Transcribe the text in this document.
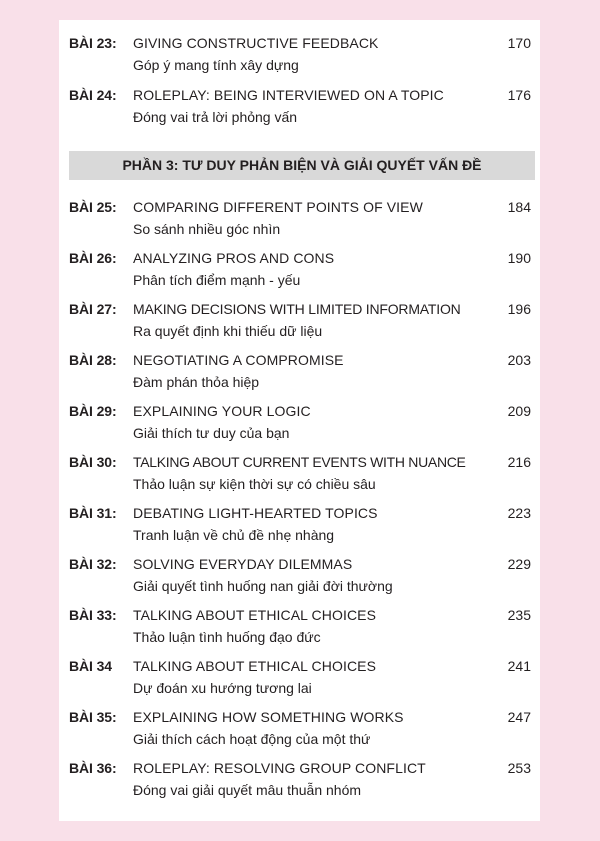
BÀI 23: GIVING CONSTRUCTIVE FEEDBACK	170
Góp ý mang tính xây dựng
BÀI 24: ROLEPLAY: BEING INTERVIEWED ON A TOPIC	176
Đóng vai trả lời phỏng vấn
PHẦN 3: TƯ DUY PHẢN BIỆN VÀ GIẢI QUYẾT VẤN ĐỀ
BÀI 25: COMPARING DIFFERENT POINTS OF VIEW	184
So sánh nhiều góc nhìn
BÀI 26: ANALYZING PROS AND CONS	190
Phân tích điểm mạnh - yếu
BÀI 27: MAKING DECISIONS WITH LIMITED INFORMATION	196
Ra quyết định khi thiếu dữ liệu
BÀI 28: NEGOTIATING A COMPROMISE	203
Đàm phán thỏa hiệp
BÀI 29: EXPLAINING YOUR LOGIC	209
Giải thích tư duy của bạn
BÀI 30: TALKING ABOUT CURRENT EVENTS WITH NUANCE	216
Thảo luận sự kiện thời sự có chiều sâu
BÀI 31: DEBATING LIGHT-HEARTED TOPICS	223
Tranh luận về chủ đề nhẹ nhàng
BÀI 32: SOLVING EVERYDAY DILEMMAS	229
Giải quyết tình huống nan giải đời thường
BÀI 33: TALKING ABOUT ETHICAL CHOICES	235
Thảo luận tình huống đạo đức
BÀI 34 TALKING ABOUT ETHICAL CHOICES	241
Dự đoán xu hướng tương lai
BÀI 35: EXPLAINING HOW SOMETHING WORKS	247
Giải thích cách hoạt động của một thứ
BÀI 36: ROLEPLAY: RESOLVING GROUP CONFLICT	253
Đóng vai giải quyết mâu thuẫn nhóm
